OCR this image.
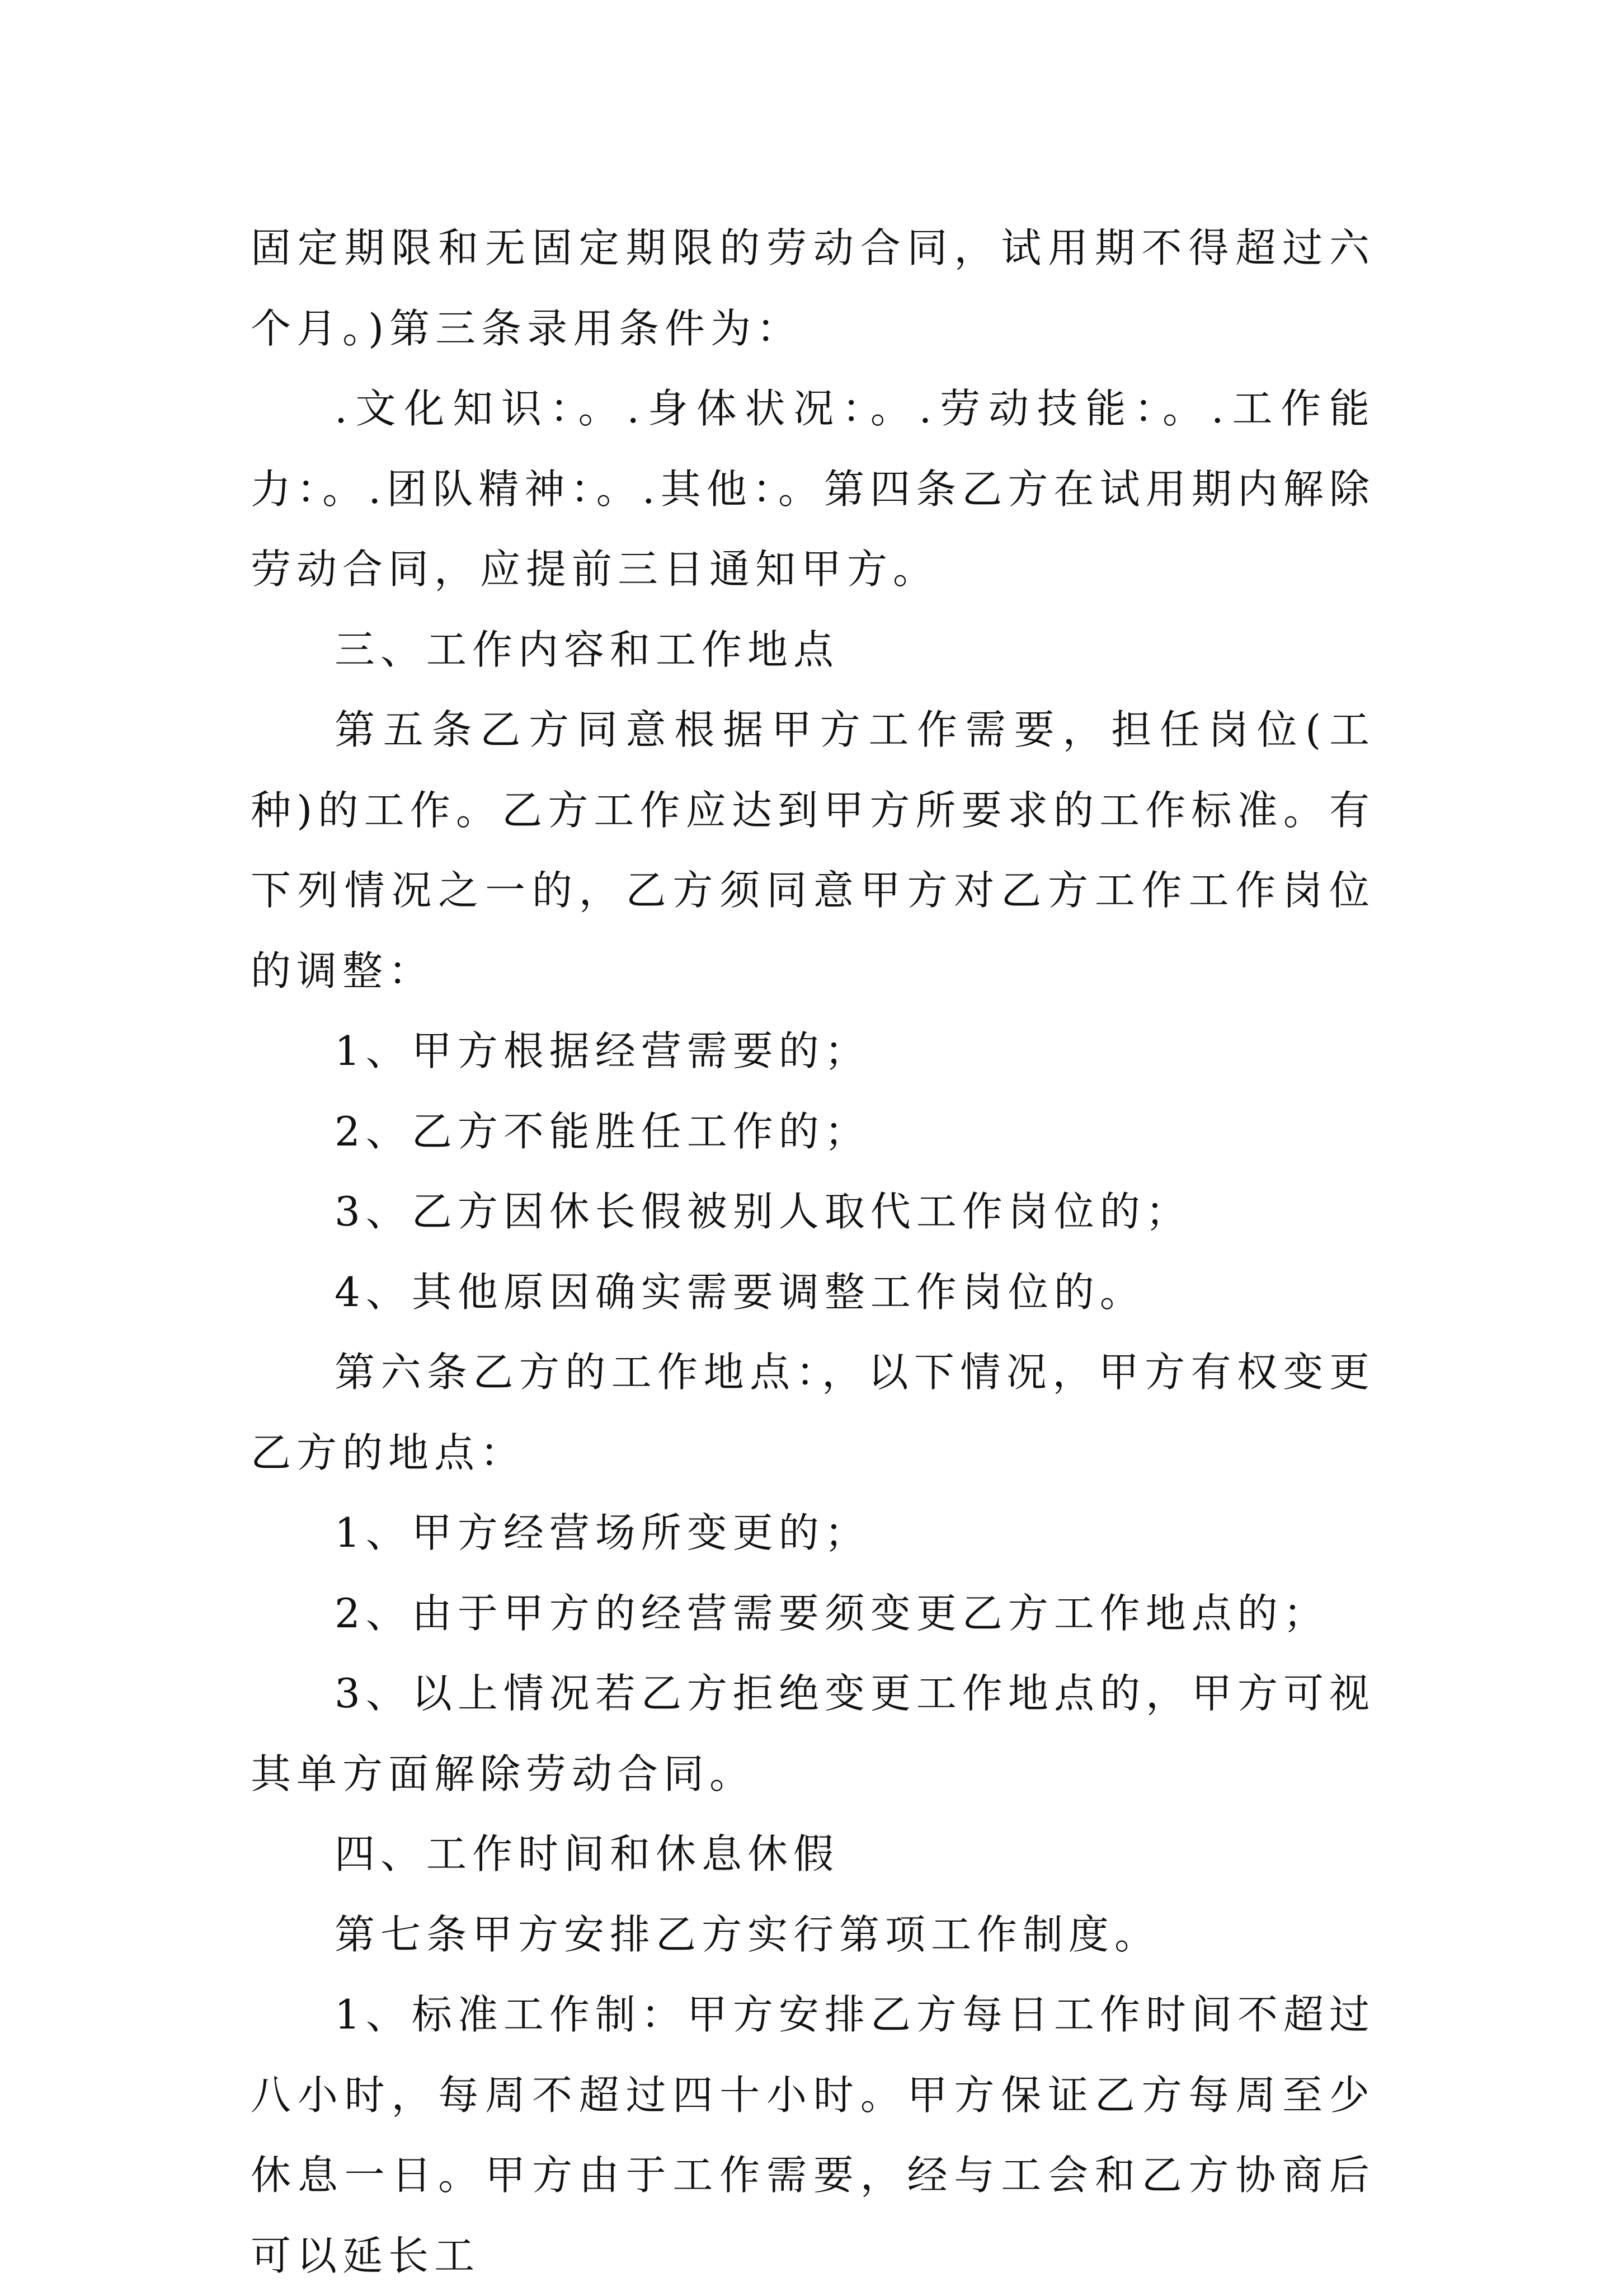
固定期限和无固定期限的劳动合同，试用期不得超过六个月。)第三条录用条件为：

.文化知识：。.身体状况：。.劳动技能：。.工作能力：。.团队精神：。.其他：。第四条乙方在试用期内解除劳动合同，应提前三日通知甲方。

三、工作内容和工作地点

第五条乙方同意根据甲方工作需要，担任岗位(工种)的工作。乙方工作应达到甲方所要求的工作标准。有下列情况之一的，乙方须同意甲方对乙方工作工作岗位的调整：

1、甲方根据经营需要的；

2、乙方不能胜任工作的；

3、乙方因休长假被别人取代工作岗位的；

4、其他原因确实需要调整工作岗位的。

第六条乙方的工作地点：，以下情况，甲方有权变更乙方的地点：

1、甲方经营场所变更的；

2、由于甲方的经营需要须变更乙方工作地点的；

3、以上情况若乙方拒绝变更工作地点的，甲方可视其单方面解除劳动合同。

四、工作时间和休息休假

第七条甲方安排乙方实行第项工作制度。

1、标准工作制：甲方安排乙方每日工作时间不超过八小时，每周不超过四十小时。甲方保证乙方每周至少休息一日。甲方由于工作需要，经与工会和乙方协商后可以延长工
